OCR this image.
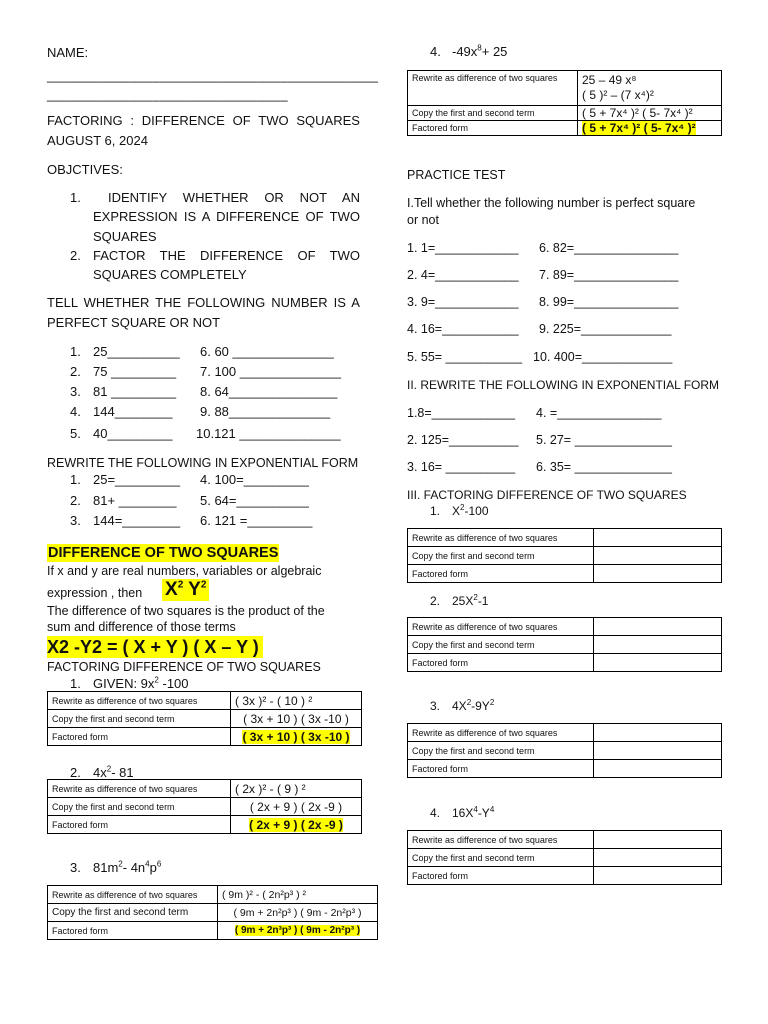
NAME:
____________________________________________
________________________________
FACTORING : DIFFERENCE OF TWO SQUARES
AUGUST 6, 2024
OBJCTIVES:
1. IDENTIFY WHETHER OR NOT AN
EXPRESSION IS A DIFFERENCE OF TWO
SQUARES
2. FACTOR THE DIFFERENCE OF TWO
SQUARES COMPLETELY
TELL WHETHER THE FOLLOWING NUMBER IS A
PERFECT SQUARE OR NOT
1. 25__________
2. 75 _________
3. 81 _________
4. 144________
5. 40_________
6. 60 ______________
7. 100 ______________
8. 64_______________
9. 88______________
10.121 ______________
REWRITE THE FOLLOWING IN EXPONENTIAL FORM
1. 25=_________
2. 81+ ________
3. 144=________
4. 100=_________
5. 64=__________
6. 121 =_________
DIFFERENCE OF TWO SQUARES
If x and y are real numbers, variables or algebraic
expression , then $X^2$ $Y^2$
The difference of two squares is the product of the
sum and difference of those terms
X2 -Y2 = ( X + Y ) ( X – Y )
FACTORING DIFFERENCE OF TWO SQUARES
1. GIVEN: $9x^2$ -100
Rewrite as difference of two squares	( 3x )² - ( 10 ) ²
Copy the first and second term	( 3x + 10 ) ( 3x -10 )
Factored form	( 3x + 10 ) ( 3x -10 )
2. $4x^2-$ 81
Rewrite as difference of two squares	( 2x )² - ( 9 ) ²
Copy the first and second term	( 2x + 9 ) ( 2x -9 )
Factored form	( 2x + 9 ) ( 2x -9 )
3. $81m^2-$ $4n^4p^6$
Rewrite as difference of two squares	( 9m )² - ( 2n²p³ ) ²
Copy the first and second term	( 9m + 2n²p³ ) ( 9m - 2n²p³ )
Factored form	( 9m + 2n³p³ ) ( 9m - 2n²p³ )
4. $-49x^8+ 25$
Rewrite as difference of two squares	25 – 49 x⁸
( 5 )² – (7 x⁴)²

Copy the first and second term	( 5 + 7x⁴ )² ( 5- 7x⁴ )²
Factored form	( 5 + 7x⁴ )² ( 5- 7x⁴ )²
PRACTICE TEST
I.Tell whether the following number is perfect square
or not
1. 1=____________
2. 4=____________
3. 9=____________
4. 16=___________
5. 55= ___________
6. 82=_______________
7. 89=_______________
8. 99=_______________
9. 225=_____________
10. 400=_____________
II. REWRITE THE FOLLOWING IN EXPONENTIAL FORM
1.8=____________
2. 125=__________
3. 16= __________
4. =_______________
5. 27= ______________
6. 35= ______________
III. FACTORING DIFFERENCE OF TWO SQUARES
1. $X^2-100$
Rewrite as difference of two squares	
Copy the first and second term	
Factored form	
2. $25X^2-1$
Rewrite as difference of two squares	
Copy the first and second term	
Factored form	
3. $4X^2-9Y^2$
Rewrite as difference of two squares	
Copy the first and second term	
Factored form	
4. $16X^4-Y^4$
Rewrite as difference of two squares	
Copy the first and second term	
Factored form	
